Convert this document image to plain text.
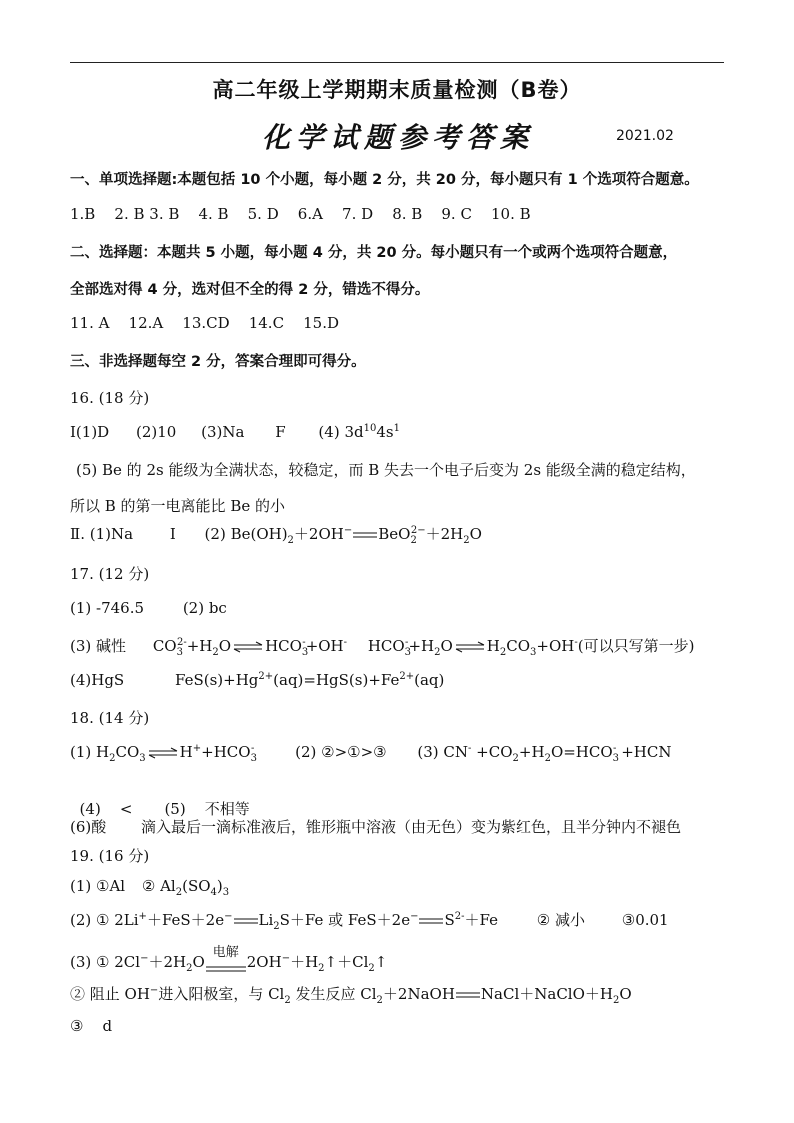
高二年级上学期期末质量检测（B卷）
化学试题参考答案	2021.02
一、单项选择题:本题包括 10 个小题，每小题 2 分，共 20 分，每小题只有 1 个选项符合题意。
1.B    2. B 3. B    4. B    5. D    6.A    7. D    8. B    9. C    10. B
二、选择题：本题共 5 小题，每小题 4 分，共 20 分。每小题只有一个或两个选项符合题意，
全部选对得 4 分，选对但不全的得 2 分，错选不得分。
11. A    12.A    13.CD    14.C    15.D
三、非选择题每空 2 分，答案合理即可得分。
16. (18 分)
Ⅰ(1)D (2)10 (3)Na F (4) $3d^{10}4s^1$
(5) Be 的 2s 能级为全满状态，较稳定，而 B 失去一个电子后变为 2s 能级全满的稳定结构，
所以 B 的第一电离能比 Be 的小
Ⅱ. (1)Na I (2) $Be(OH)_2+2OH^-$ $BeO_2^{2-}+2H_2O$
17. (12 分)
(1) -746.5	(2) bc
(3) 碱性 $CO_3^{2-}+H_2O$ ⇌ $HCO_3^-+OH^-$ $HCO_3^-+H_2O$ ⇌ $H_2CO_3+OH^-$(可以只写第一步)
(4)HgS	$FeS(s)+Hg^{2+}(aq)=HgS(s)+Fe^{2+}(aq)$
18. (14 分)
(1) $H_2CO_3$ ⇌ $H^++HCO_3^-$	(2) ②>①>③ (3) $CN^- +CO_2+H_2O=HCO_3^- +HCN$

(4)    < (5)    不相等

(6)酸 滴入最后一滴标准液后，锥形瓶中溶液（由无色）变为紫红色，且半分钟内不褪色
19. (16 分)
(1) ①Al ② $Al_2(SO_4)_3$
(2) ① 2Li+＋FeS＋2e− $Li_2S+Fe$ 或 FeS＋2e− $S^{2-}+Fe$	② 减小 ③0.01
(3) ① $2Cl^-+2H_2O$
电解
$2OH^-+H_2↑+Cl_2↑$
② 阻止 OH−进入阳极室，与 $Cl_2$ 发生反应 $Cl_2+2NaOH$ $NaCl+NaClO+H_2O$
③    d
